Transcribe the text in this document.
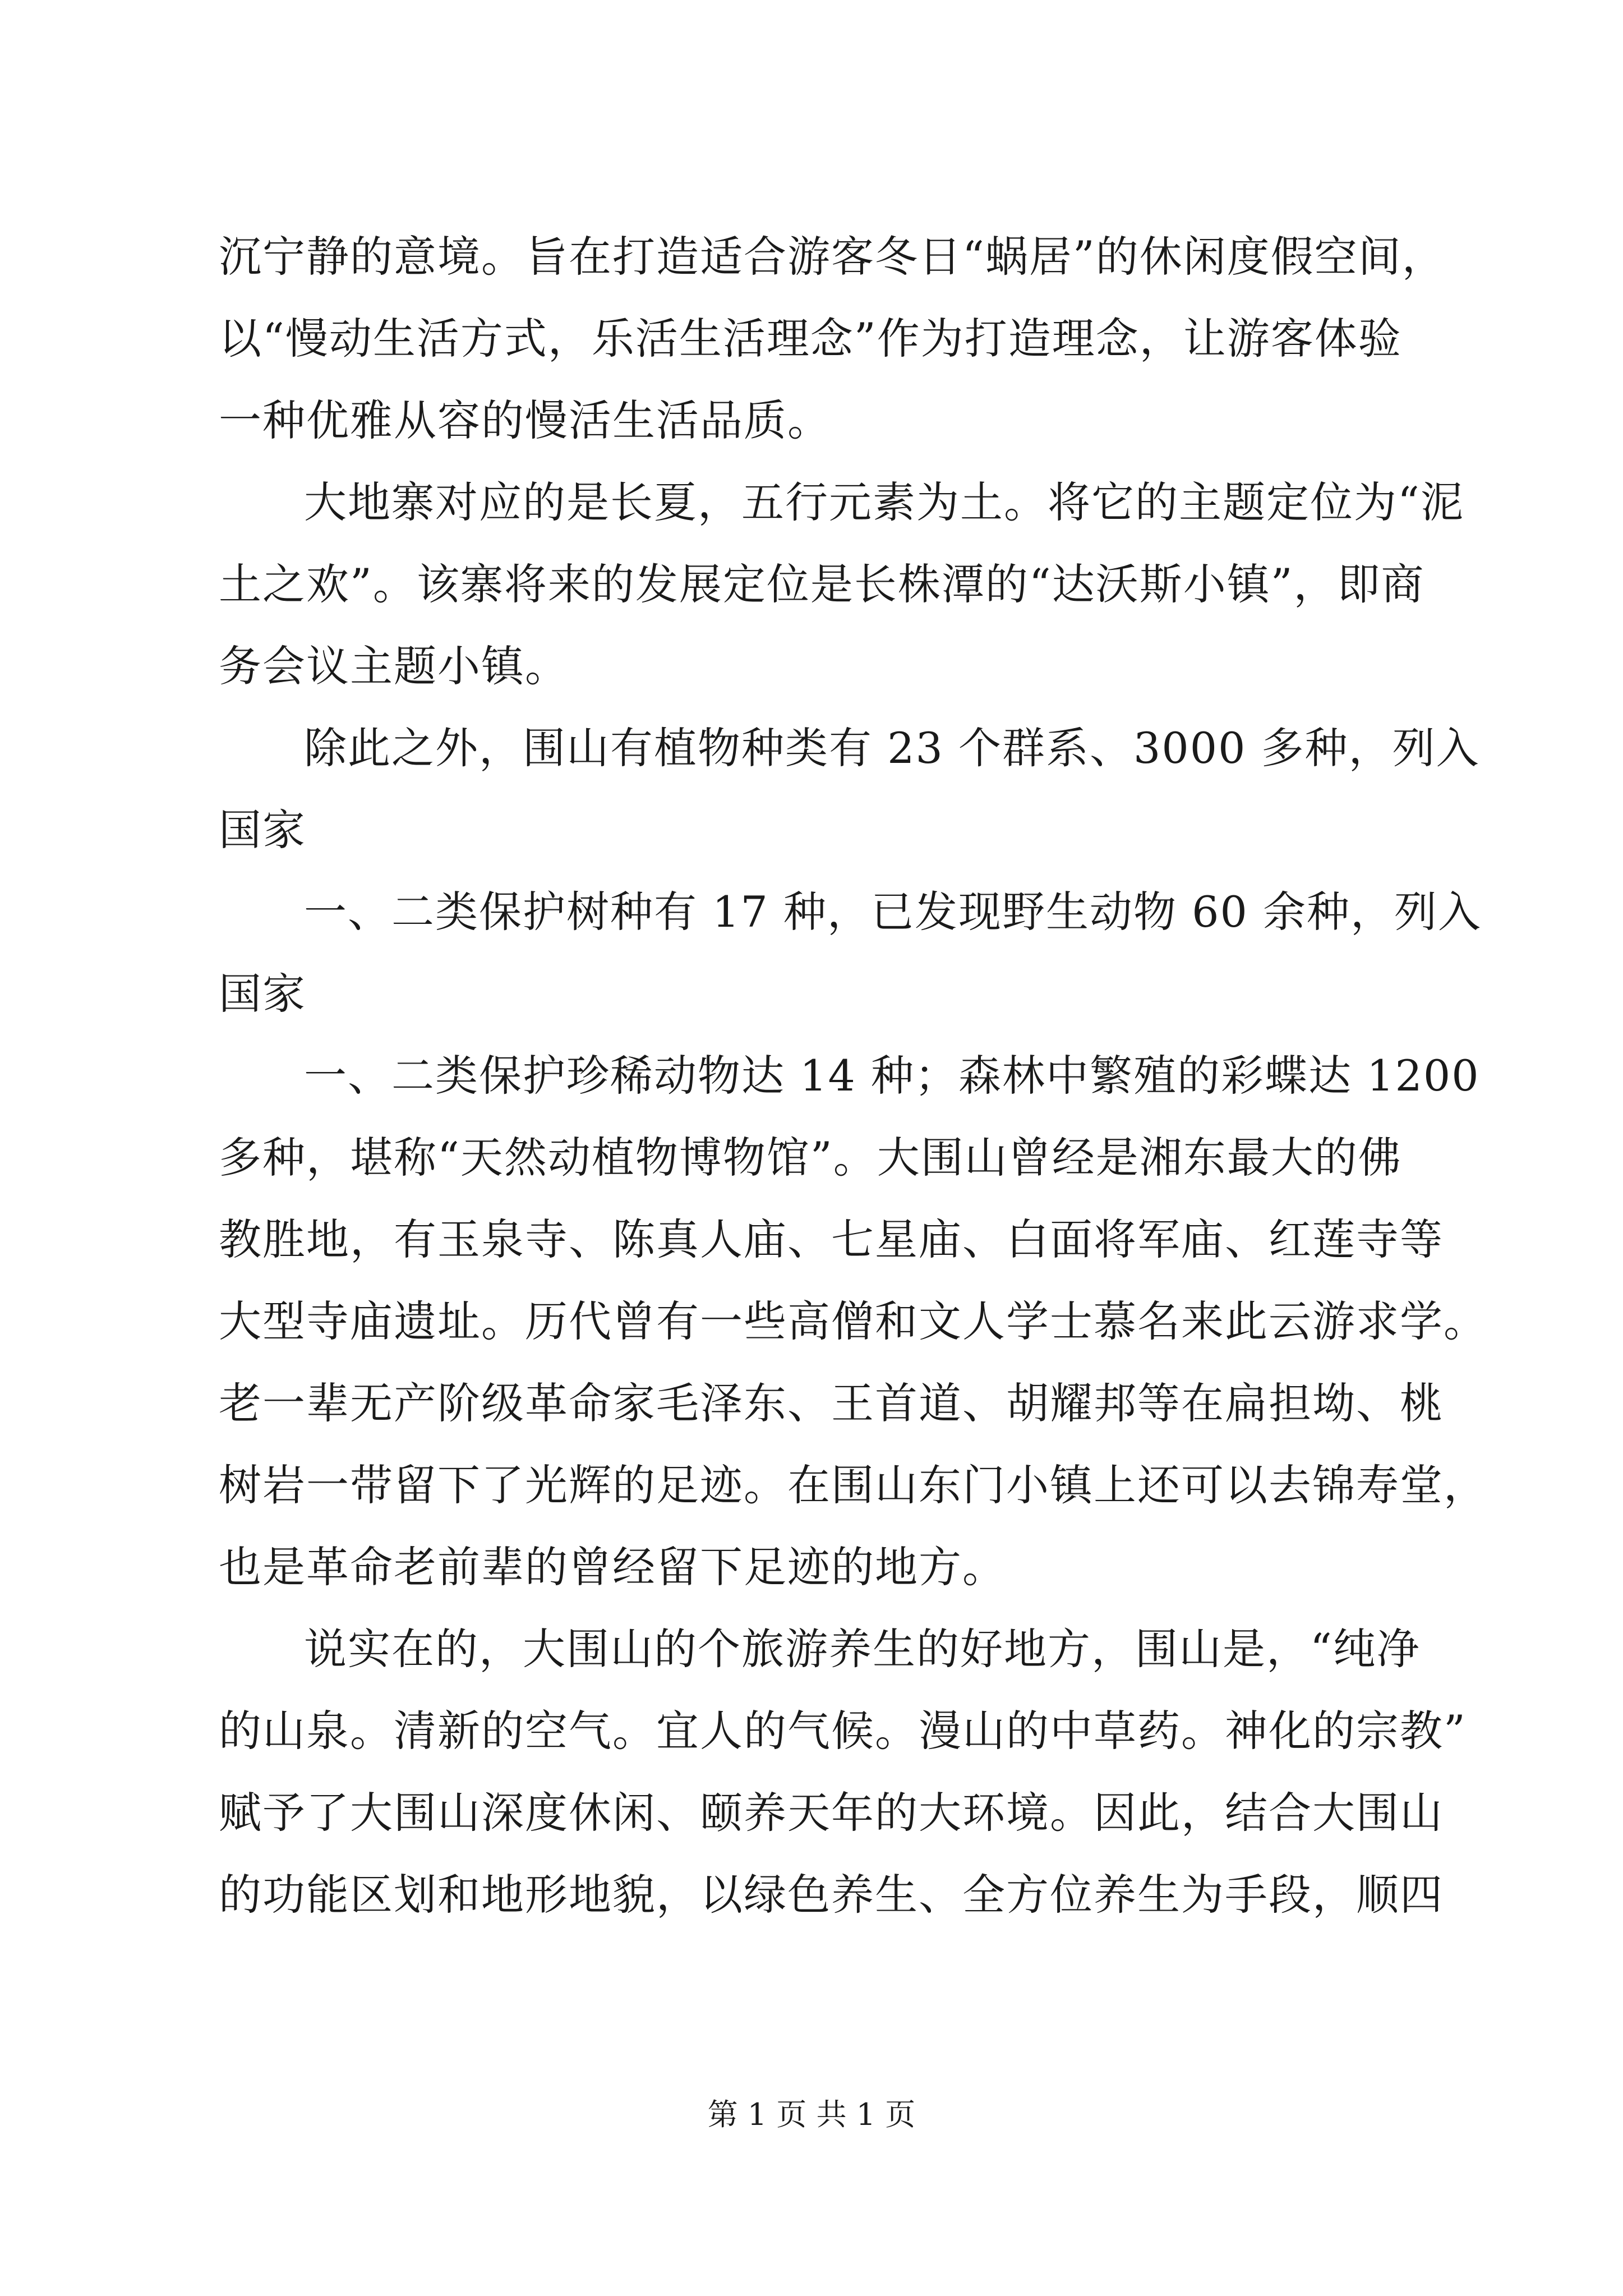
沉宁静的意境。旨在打造适合游客冬日“蜗居”的休闲度假空间，
以“慢动生活方式，乐活生活理念”作为打造理念，让游客体验
一种优雅从容的慢活生活品质。
大地寨对应的是长夏，五行元素为土。将它的主题定位为“泥
土之欢”。该寨将来的发展定位是长株潭的“达沃斯小镇”，即商
务会议主题小镇。
除此之外，围山有植物种类有 23 个群系、3000 多种，列入
国家
一、二类保护树种有 17 种，已发现野生动物 60 余种，列入
国家
一、二类保护珍稀动物达 14 种；森林中繁殖的彩蝶达 1200
多种，堪称“天然动植物博物馆”。大围山曾经是湘东最大的佛
教胜地，有玉泉寺、陈真人庙、七星庙、白面将军庙、红莲寺等
大型寺庙遗址。历代曾有一些高僧和文人学士慕名来此云游求学。
老一辈无产阶级革命家毛泽东、王首道、胡耀邦等在扁担坳、桃
树岩一带留下了光辉的足迹。在围山东门小镇上还可以去锦寿堂，
也是革命老前辈的曾经留下足迹的地方。
说实在的，大围山的个旅游养生的好地方，围山是，“纯净
的山泉。清新的空气。宜人的气候。漫山的中草药。神化的宗教”
赋予了大围山深度休闲、颐养天年的大环境。因此，结合大围山
的功能区划和地形地貌，以绿色养生、全方位养生为手段，顺四
第 1 页 共 1 页
